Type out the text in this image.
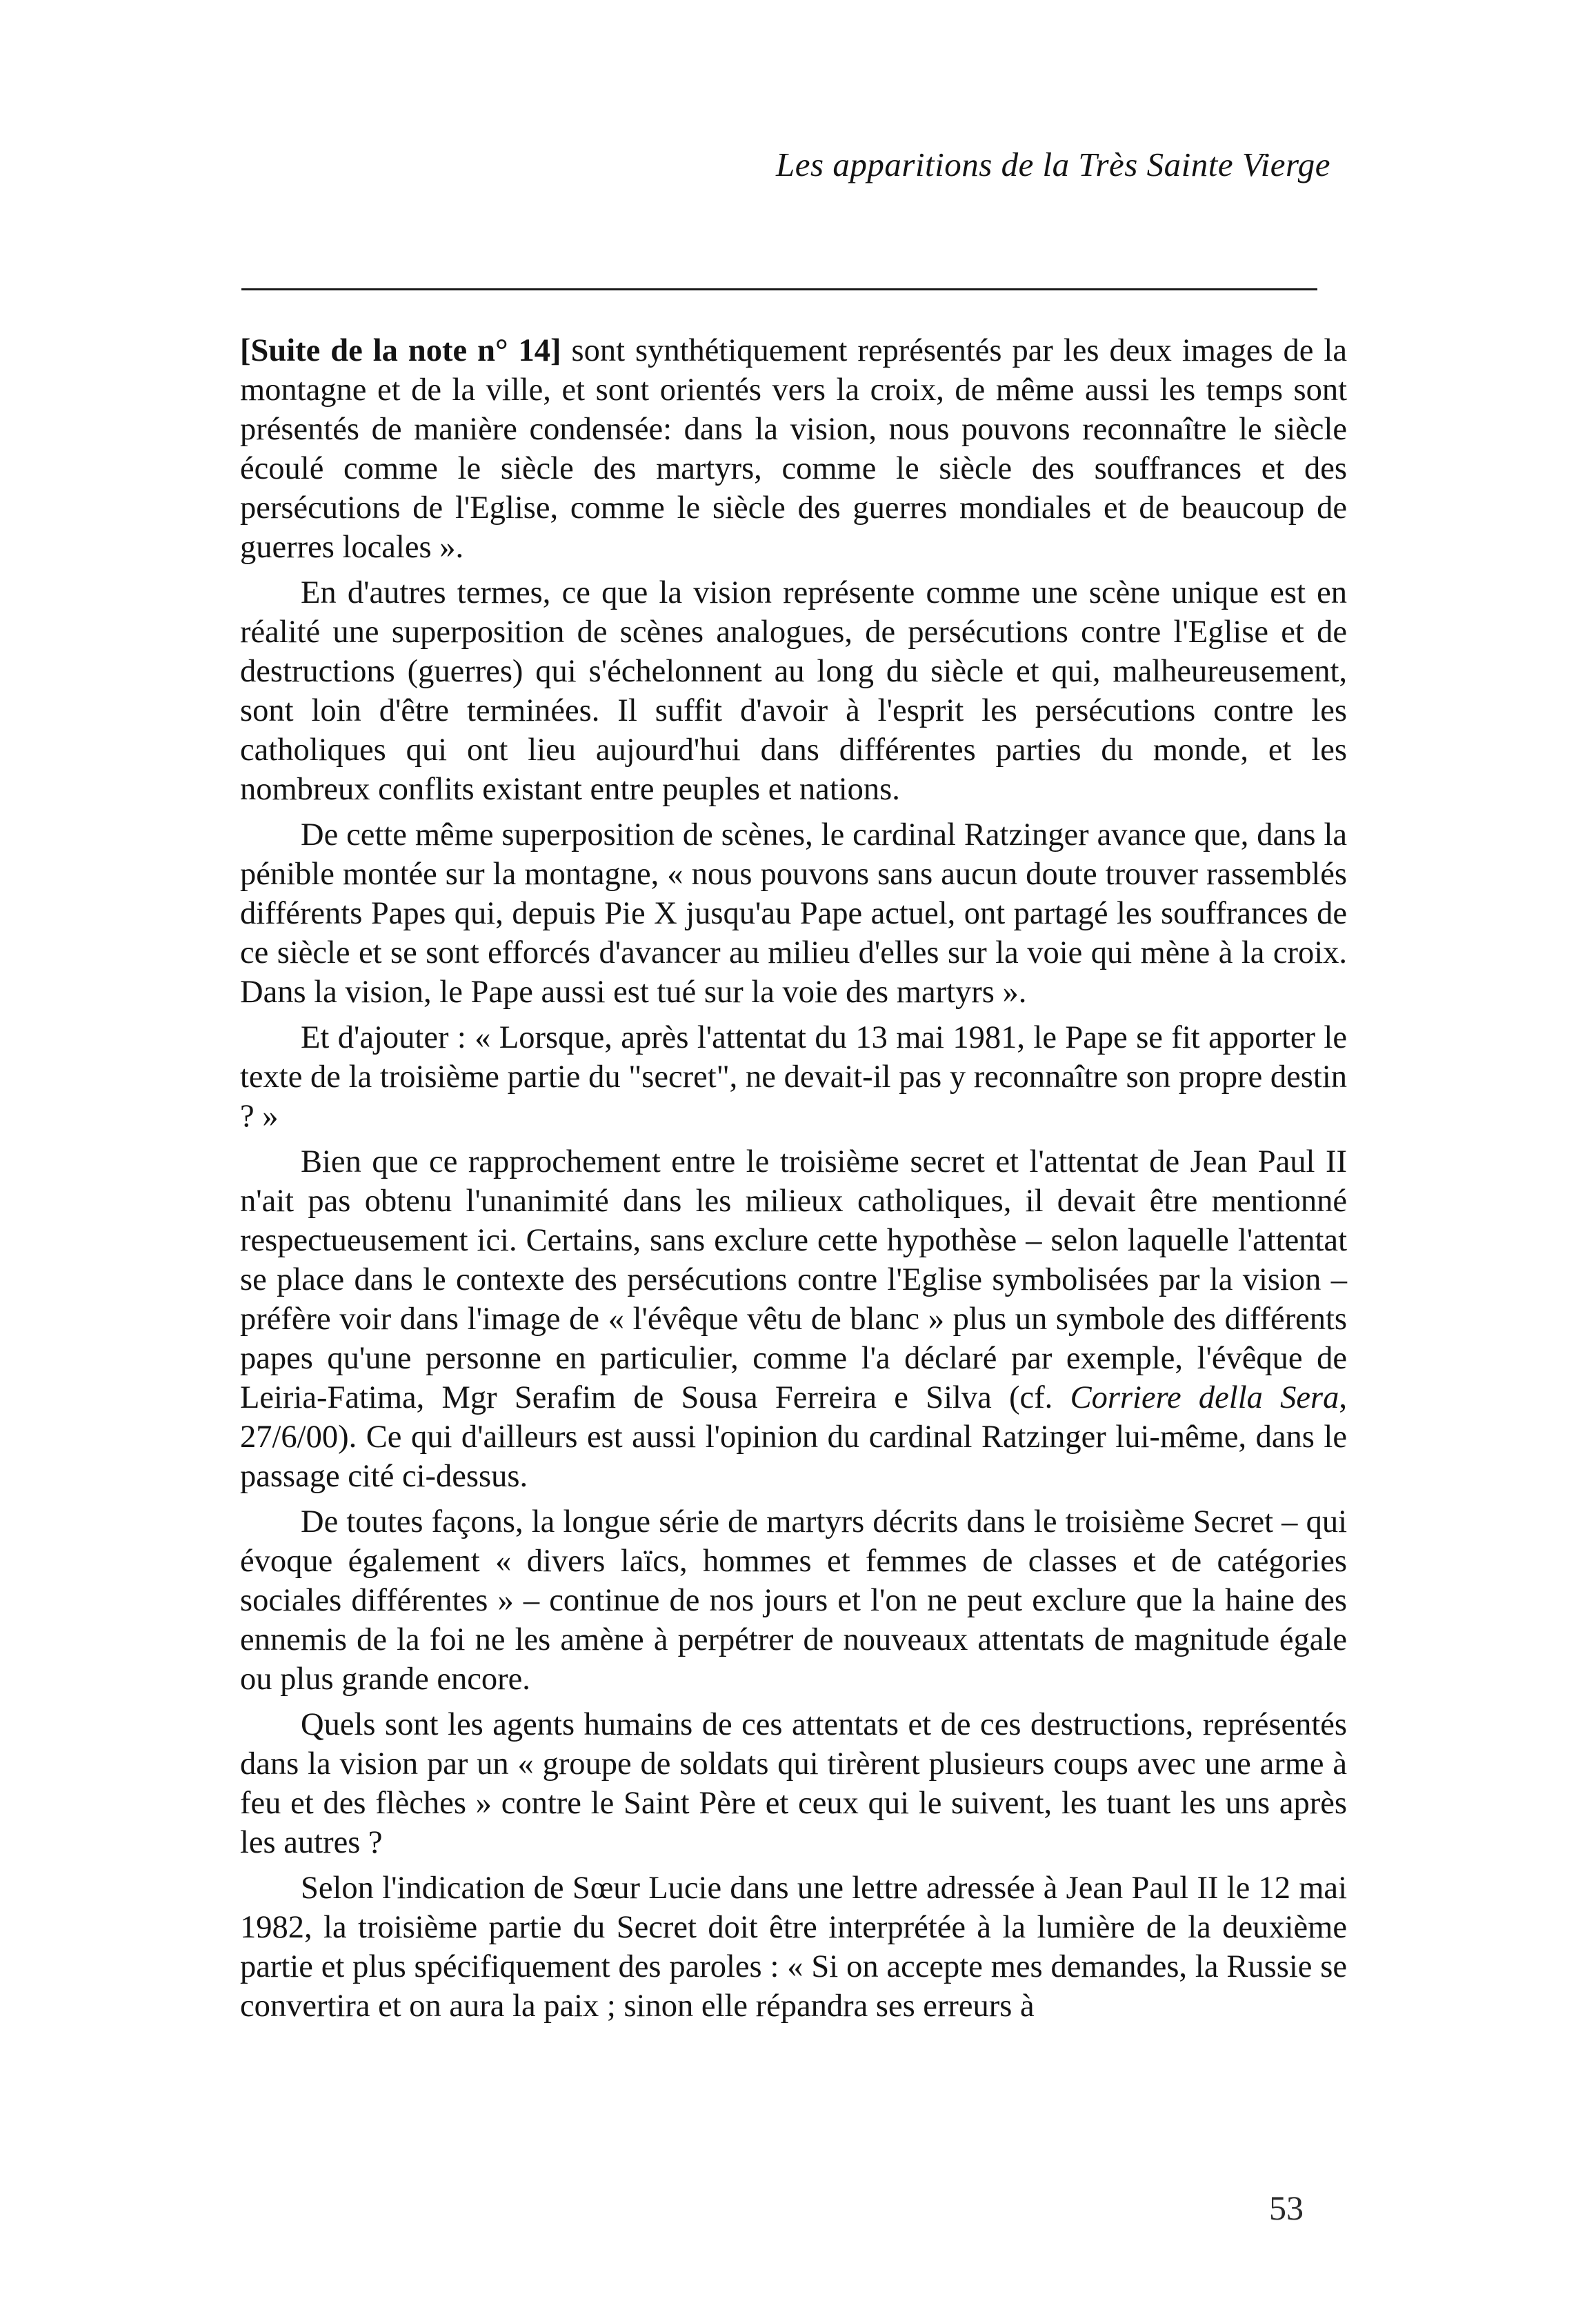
Les apparitions de la Très Sainte Vierge

[Suite de la note n° 14] sont synthétiquement représentés par les deux images de la montagne et de la ville, et sont orientés vers la croix, de même aussi les temps sont présentés de manière condensée: dans la vision, nous pouvons reconnaître le siècle écoulé comme le siècle des martyrs, comme le siècle des souffrances et des persécutions de l'Eglise, comme le siècle des guerres mondiales et de beaucoup de guerres locales ».

En d'autres termes, ce que la vision représente comme une scène unique est en réalité une superposition de scènes analogues, de persécutions contre l'Eglise et de destructions (guerres) qui s'échelonnent au long du siècle et qui, malheureusement, sont loin d'être terminées. Il suffit d'avoir à l'esprit les persécutions contre les catholiques qui ont lieu aujourd'hui dans différentes parties du monde, et les nombreux conflits existant entre peuples et nations.

De cette même superposition de scènes, le cardinal Ratzinger avance que, dans la pénible montée sur la montagne, « nous pouvons sans aucun doute trouver rassemblés différents Papes qui, depuis Pie X jusqu'au Pape actuel, ont partagé les souffrances de ce siècle et se sont efforcés d'avancer au milieu d'elles sur la voie qui mène à la croix. Dans la vision, le Pape aussi est tué sur la voie des martyrs ».

Et d'ajouter : « Lorsque, après l'attentat du 13 mai 1981, le Pape se fit apporter le texte de la troisième partie du "secret", ne devait-il pas y reconnaître son propre destin ? »

Bien que ce rapprochement entre le troisième secret et l'attentat de Jean Paul II n'ait pas obtenu l'unanimité dans les milieux catholiques, il devait être mentionné respectueusement ici. Certains, sans exclure cette hypothèse – selon laquelle l'attentat se place dans le contexte des persécutions contre l'Eglise symbolisées par la vision – préfère voir dans l'image de « l'évêque vêtu de blanc » plus un symbole des différents papes qu'une personne en particulier, comme l'a déclaré par exemple, l'évêque de Leiria-Fatima, Mgr Serafim de Sousa Ferreira e Silva (cf. Corriere della Sera, 27/6/00). Ce qui d'ailleurs est aussi l'opinion du cardinal Ratzinger lui-même, dans le passage cité ci-dessus.

De toutes façons, la longue série de martyrs décrits dans le troisième Secret – qui évoque également « divers laïcs, hommes et femmes de classes et de catégories sociales différentes » – continue de nos jours et l'on ne peut exclure que la haine des ennemis de la foi ne les amène à perpétrer de nouveaux attentats de magnitude égale ou plus grande encore.

Quels sont les agents humains de ces attentats et de ces destructions, représentés dans la vision par un « groupe de soldats qui tirèrent plusieurs coups avec une arme à feu et des flèches » contre le Saint Père et ceux qui le suivent, les tuant les uns après les autres ?

Selon l'indication de Sœur Lucie dans une lettre adressée à Jean Paul II le 12 mai 1982, la troisième partie du Secret doit être interprétée à la lumière de la deuxième partie et plus spécifiquement des paroles : « Si on accepte mes demandes, la Russie se convertira et on aura la paix ; sinon elle répandra ses erreurs à

53
